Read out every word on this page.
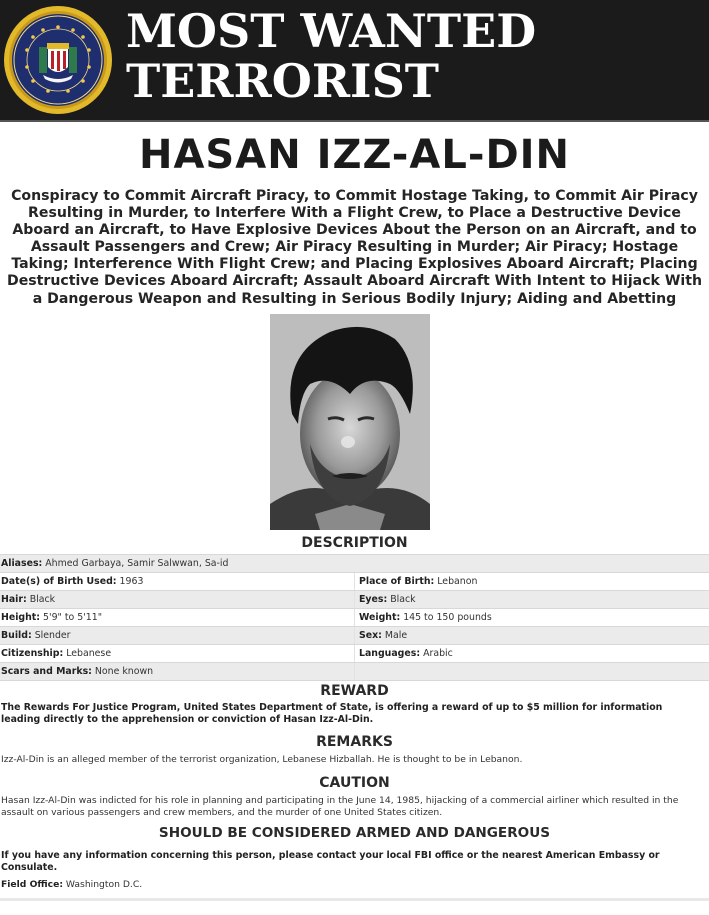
MOST WANTED
TERRORIST
HASAN IZZ-AL-DIN
Conspiracy to Commit Aircraft Piracy, to Commit Hostage Taking, to Commit Air Piracy Resulting in Murder, to Interfere With a Flight Crew, to Place a Destructive Device Aboard an Aircraft, to Have Explosive Devices About the Person on an Aircraft, and to Assault Passengers and Crew; Air Piracy Resulting in Murder; Air Piracy; Hostage Taking; Interference With Flight Crew; and Placing Explosives Aboard Aircraft; Placing Destructive Devices Aboard Aircraft; Assault Aboard Aircraft With Intent to Hijack With a Dangerous Weapon and Resulting in Serious Bodily Injury; Aiding and Abetting
DESCRIPTION
Aliases: Ahmed Garbaya, Samir Salwwan, Sa-id
Date(s) of Birth Used: 1963	Place of Birth: Lebanon
Hair: Black	Eyes: Black
Height: 5'9" to 5'11"	Weight: 145 to 150 pounds
Build: Slender	Sex: Male
Citizenship: Lebanese	Languages: Arabic
Scars and Marks: None known
REWARD
The Rewards For Justice Program, United States Department of State, is offering a reward of up to $5 million for information leading directly to the apprehension or conviction of Hasan Izz-Al-Din.
REMARKS
Izz-Al-Din is an alleged member of the terrorist organization, Lebanese Hizballah. He is thought to be in Lebanon.
CAUTION
Hasan Izz-Al-Din was indicted for his role in planning and participating in the June 14, 1985, hijacking of a commercial airliner which resulted in the assault on various passengers and crew members, and the murder of one United States citizen.
SHOULD BE CONSIDERED ARMED AND DANGEROUS
If you have any information concerning this person, please contact your local FBI office or the nearest American Embassy or Consulate.
Field Office: Washington D.C.
